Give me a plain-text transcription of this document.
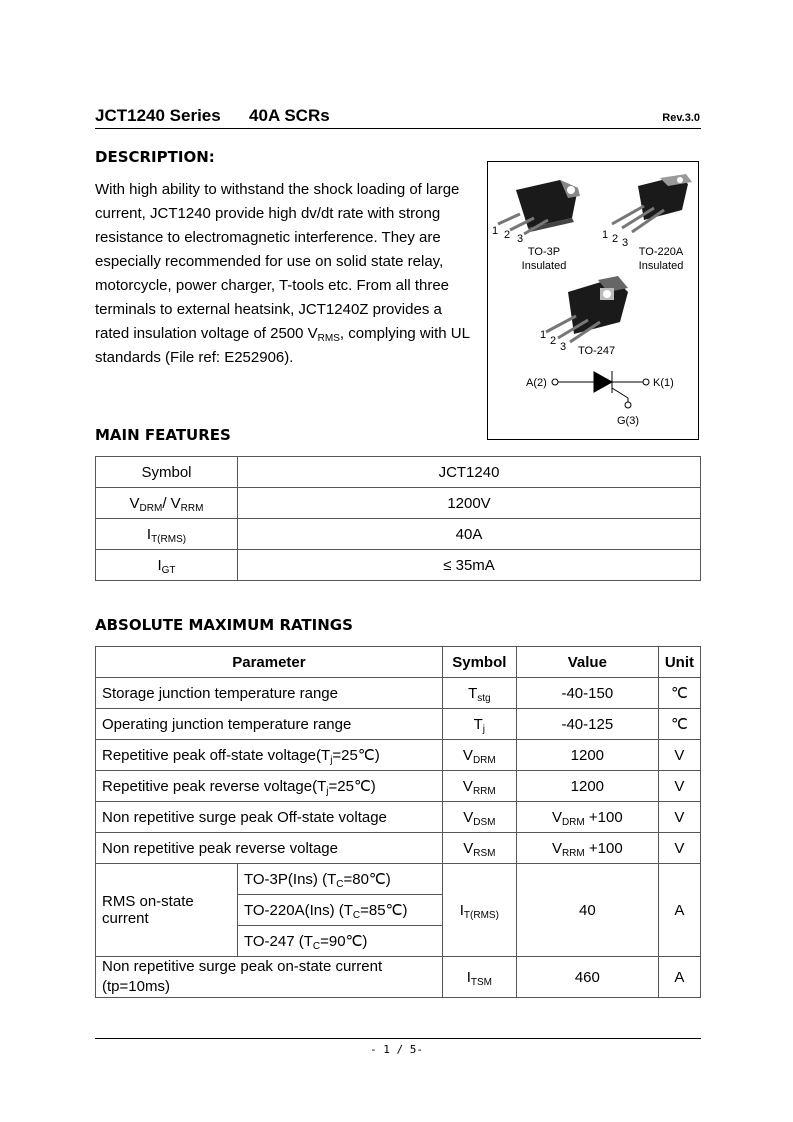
JCT1240 Series 40A SCRs	Rev.3.0
DESCRIPTION:

With high ability to withstand the shock loading of large current, JCT1240 provide high dv/dt rate with strong resistance to electromagnetic interference. They are especially recommended for use on solid state relay, motorcycle, power charger, T-tools etc. From all three terminals to external heatsink, JCT1240Z provides a rated insulation voltage of 2500 $V_{RMS}$, complying with UL standards (File ref: E252906).

1 2 3	1 2 3
1 2 3
TO-3P
Insulated
TO-220A
Insulated
TO-247
A(2)	K(1)
G(3)
MAIN FEATURES
Symbol	JCT1240
$V_{DRM}/$ $V_{RRM}$	1200V
$I_{T(RMS)}$	40A
$I_{GT}$	≤ 35mA
ABSOLUTE MAXIMUM RATINGS
Parameter		Symbol	Value	Unit
Storage junction temperature range		$T_{stg}$	-40-150	℃
Operating junction temperature range		$T_j$	-40-125	℃
Repetitive peak off-state $voltage(T_j=25℃)$		$V_{DRM}$	1200	V
Repetitive peak reverse $voltage(T_j=25℃)$		$V_{RRM}$	1200	V
Non repetitive surge peak Off-state voltage		$V_{DSM}$	$V_{DRM} +100$	V
Non repetitive peak reverse voltage		$V_{RSM}$	$V_{RRM} +100$	V
RMS on-state current	TO-3P(Ins) $(T_C=80℃)$	$I_{T(RMS)}$	40	A
	TO-220A(Ins) $(T_C=85℃)$			
	TO-247 $(T_C=90℃)$			
Non repetitive surge peak on-state current (tp=10ms)		$I_{TSM}$	460	A
- 1 / 5-
